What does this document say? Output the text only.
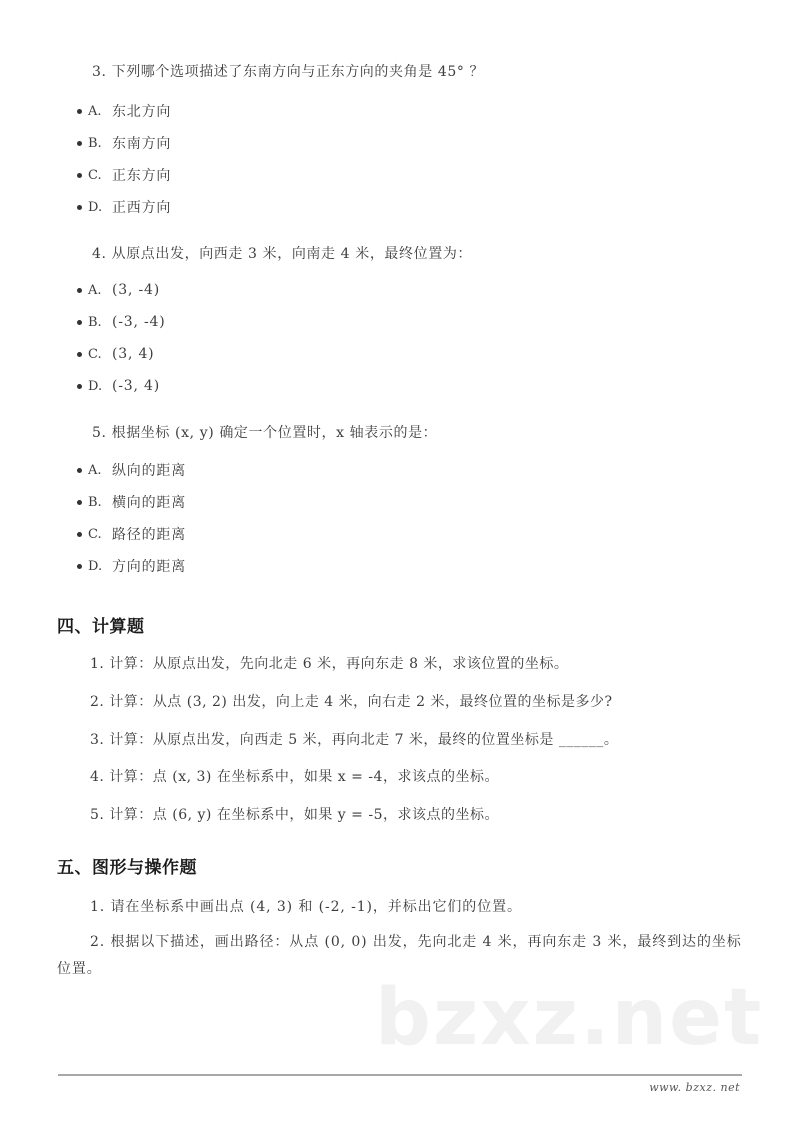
3. 下列哪个选项描述了东南方向与正东方向的夹角是 45° ？
A. 东北方向
B. 东南方向
C. 正东方向
D. 正西方向
4. 从原点出发，向西走 3 米，向南走 4 米，最终位置为：
A. (3, -4)
B. (-3, -4)
C. (3, 4)
D. (-3, 4)
5. 根据坐标 (x, y) 确定一个位置时，x 轴表示的是：
A. 纵向的距离
B. 横向的距离
C. 路径的距离
D. 方向的距离
四、计算题
1. 计算：从原点出发，先向北走 6 米，再向东走 8 米，求该位置的坐标。
2. 计算：从点 (3, 2) 出发，向上走 4 米，向右走 2 米，最终位置的坐标是多少?
3. 计算：从原点出发，向西走 5 米，再向北走 7 米，最终的位置坐标是 ______。
4. 计算：点 (x, 3) 在坐标系中，如果 x = -4，求该点的坐标。
5. 计算：点 (6, y) 在坐标系中，如果 y = -5，求该点的坐标。
五、图形与操作题
1. 请在坐标系中画出点 (4, 3) 和 (-2, -1)，并标出它们的位置。
2. 根据以下描述，画出路径：从点 (0, 0) 出发，先向北走 4 米，再向东走 3 米，最终到达的坐标位置。
bzxz.net
www. bzxz. net
